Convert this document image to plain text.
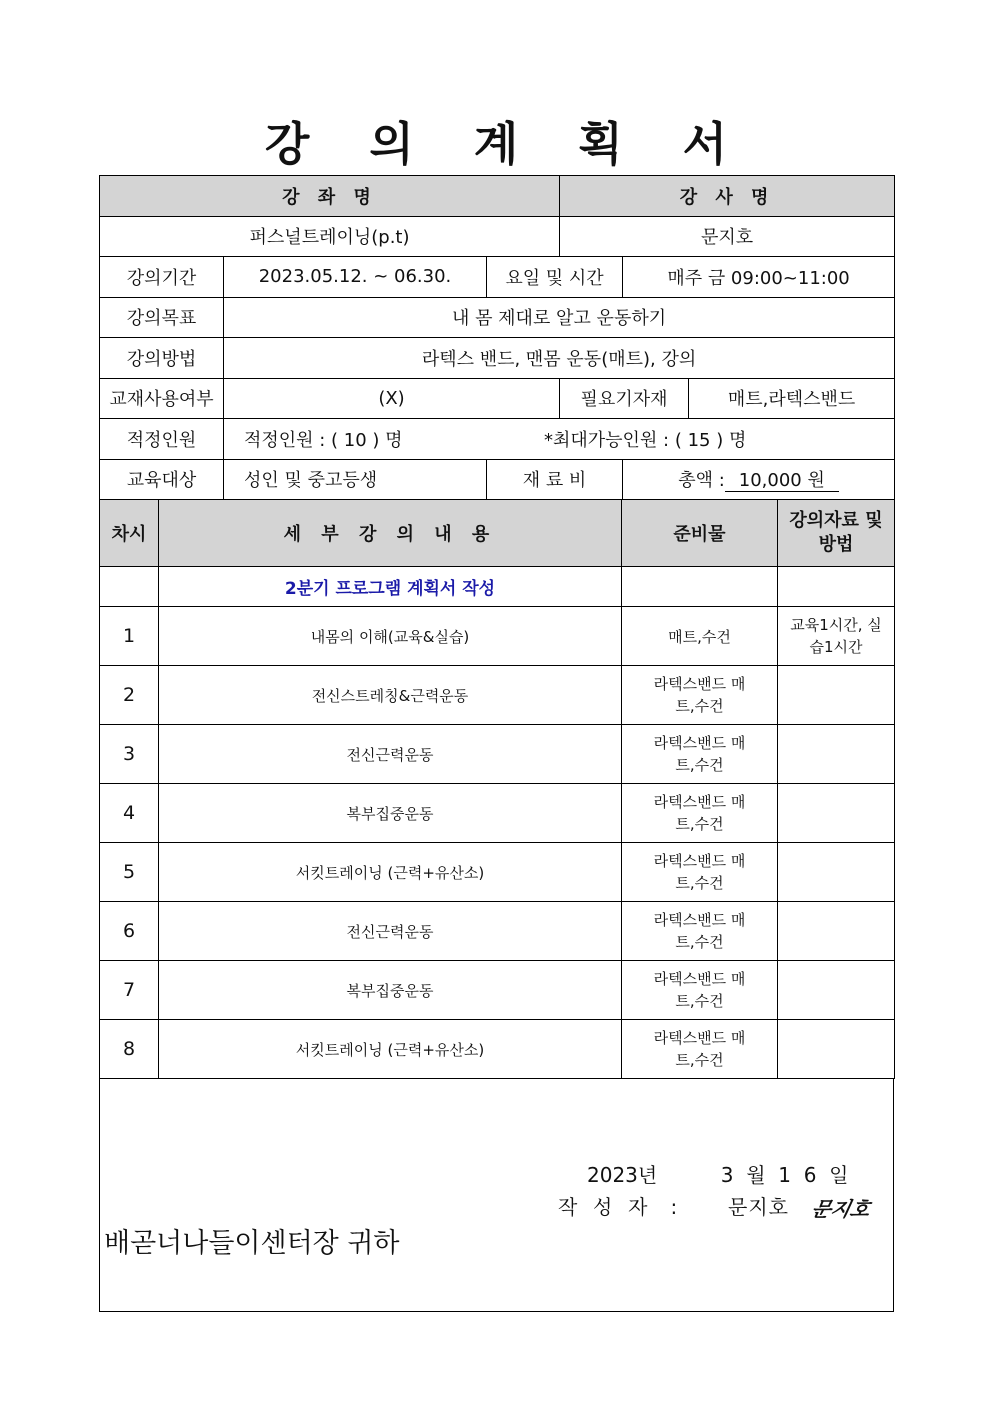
강 의 계 획 서
강 좌 명			강 사 명		
퍼스널트레이닝(p.t)			문지호		
강의기간	2023.05.12. ~ 06.30.	요일 및 시간		매주 금 09:00~11:00	
강의목표	내 몸 제대로 알고 운동하기				
강의방법	라텍스 밴드, 맨몸 운동(매트), 강의				
교재사용여부	(X)		필요기자재		매트,라텍스밴드
적정인원	적정인원 : ( 10 ) 명 *최대가능인원 : ( 15 ) 명				
교육대상	성인 및 중고등생	재 료 비		총액 : 10,000 원	
차시	세 부 강 의 내 용	준비물	강의자료 및 방법
	2분기 프로그램 계획서 작성		
1	내몸의 이해(교육&실습)	매트,수건	교육1시간, 실습1시간
2	전신스트레칭&근력운동	라텍스밴드 매트,수건	
3	전신근력운동	라텍스밴드 매트,수건	
4	복부집중운동	라텍스밴드 매트,수건	
5	서킷트레이닝 (근력+유산소)	라텍스밴드 매트,수건	
6	전신근력운동	라텍스밴드 매트,수건	
7	복부집중운동	라텍스밴드 매트,수건	
8	서킷트레이닝 (근력+유산소)	라텍스밴드 매트,수건	
2023년          3  월  1  6  일
작  성  자   : 문지호 문지호
배곧너나들이센터장 귀하
